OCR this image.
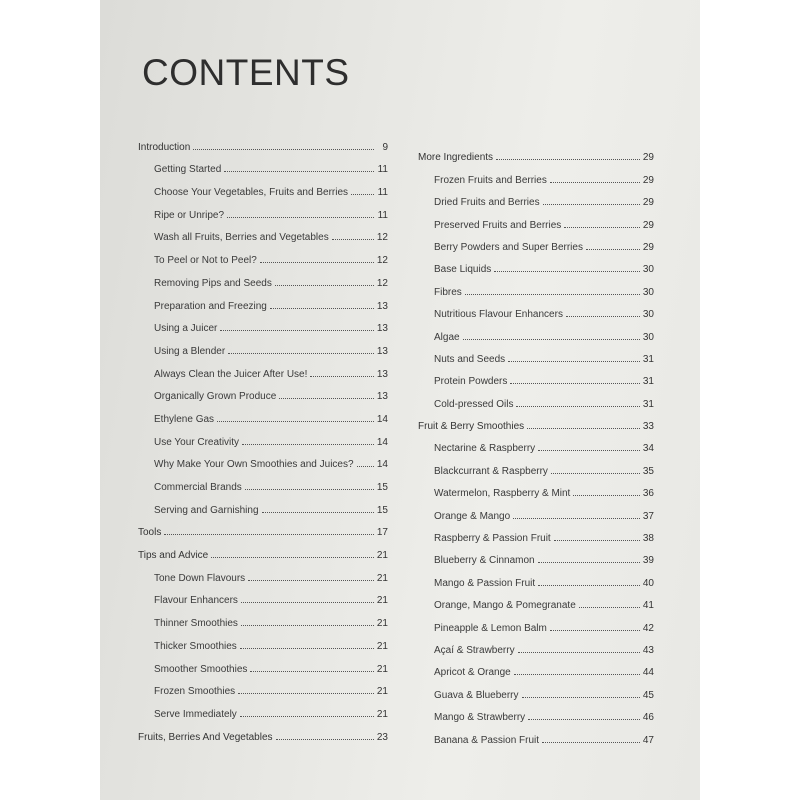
CONTENTS
Introduction	9
Getting Started	11
Choose Your Vegetables, Fruits and Berries	11
Ripe or Unripe?	11
Wash all Fruits, Berries and Vegetables	12
To Peel or Not to Peel?	12
Removing Pips and Seeds	12
Preparation and Freezing	13
Using a Juicer	13
Using a Blender	13
Always Clean the Juicer After Use!	13
Organically Grown Produce	13
Ethylene Gas	14
Use Your Creativity	14
Why Make Your Own Smoothies and Juices? 14
Commercial Brands	15
Serving and Garnishing	15
Tools	17
Tips and Advice	21
Tone Down Flavours	21
Flavour Enhancers	21
Thinner Smoothies	21
Thicker Smoothies	21
Smoother Smoothies	21
Frozen Smoothies	21
Serve Immediately	21
Fruits, Berries And Vegetables	23
More Ingredients	29
Frozen Fruits and Berries	29
Dried Fruits and Berries	29
Preserved Fruits and Berries	29
Berry Powders and Super Berries	29
Base Liquids	30
Fibres	30
Nutritious Flavour Enhancers	30
Algae	30
Nuts and Seeds	31
Protein Powders	31
Cold-pressed Oils	31
Fruit & Berry Smoothies	33
Nectarine & Raspberry	34
Blackcurrant & Raspberry	35
Watermelon, Raspberry & Mint	36
Orange & Mango	37
Raspberry & Passion Fruit	38
Blueberry & Cinnamon	39
Mango & Passion Fruit	40
Orange, Mango & Pomegranate	41
Pineapple & Lemon Balm	42
Açaí & Strawberry	43
Apricot & Orange	44
Guava & Blueberry	45
Mango & Strawberry	46
Banana & Passion Fruit	47
